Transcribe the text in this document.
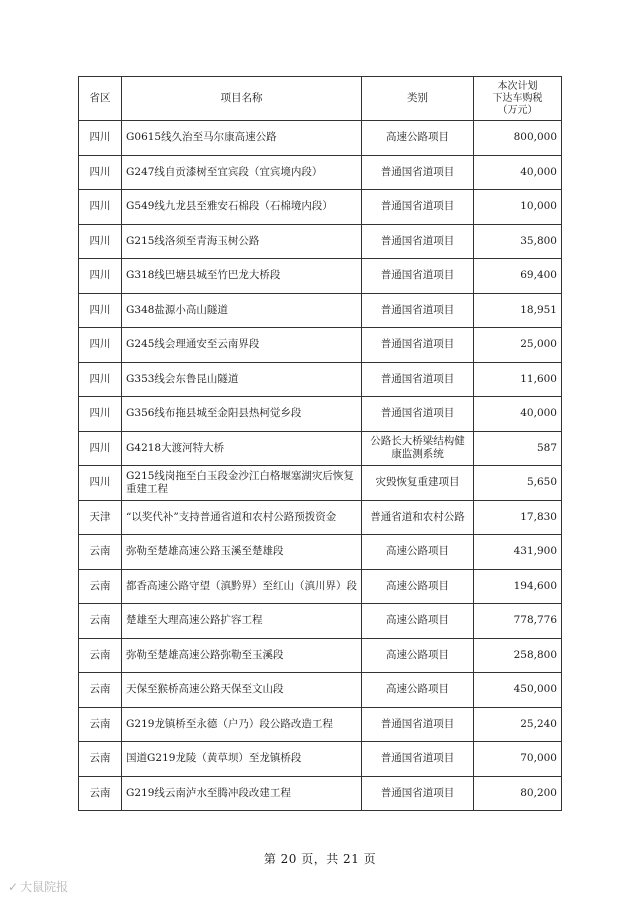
省区	项目名称	类别	本次计划
下达车购税
（万元）

四川	G0615线久治至马尔康高速公路	高速公路项目	800,000
四川	G247线自贡漆树至宜宾段（宜宾境内段）	普通国省道项目	40,000
四川	G549线九龙县至雅安石棉段（石棉境内段）	普通国省道项目	10,000
四川	G215线洛须至青海玉树公路	普通国省道项目	35,800
四川	G318线巴塘县城至竹巴龙大桥段	普通国省道项目	69,400
四川	G348盐源小高山隧道	普通国省道项目	18,951
四川	G245线会理通安至云南界段	普通国省道项目	25,000
四川	G353线会东鲁昆山隧道	普通国省道项目	11,600
四川	G356线布拖县城至金阳县热柯觉乡段	普通国省道项目	40,000
四川	G4218大渡河特大桥	公路长大桥梁结构健康监测系统	587
四川	G215线岗拖至白玉段金沙江白格堰塞湖灾后恢复重建工程	灾毁恢复重建项目	5,650
天津	“以奖代补”支持普通省道和农村公路预拨资金	普通省道和农村公路	17,830
云南	弥勒至楚雄高速公路玉溪至楚雄段	高速公路项目	431,900
云南	都香高速公路守望（滇黔界）至红山（滇川界）段	高速公路项目	194,600
云南	楚雄至大理高速公路扩容工程	高速公路项目	778,776
云南	弥勒至楚雄高速公路弥勒至玉溪段	高速公路项目	258,800
云南	天保至猴桥高速公路天保至文山段	高速公路项目	450,000
云南	G219龙镇桥至永德（户乃）段公路改造工程	普通国省道项目	25,240
云南	国道G219龙陵（黄草坝）至龙镇桥段	普通国省道项目	70,000
云南	G219线云南泸水至腾冲段改建工程	普通国省道项目	80,200
第 20 页，共 21 页
✓ 大鼠院报
